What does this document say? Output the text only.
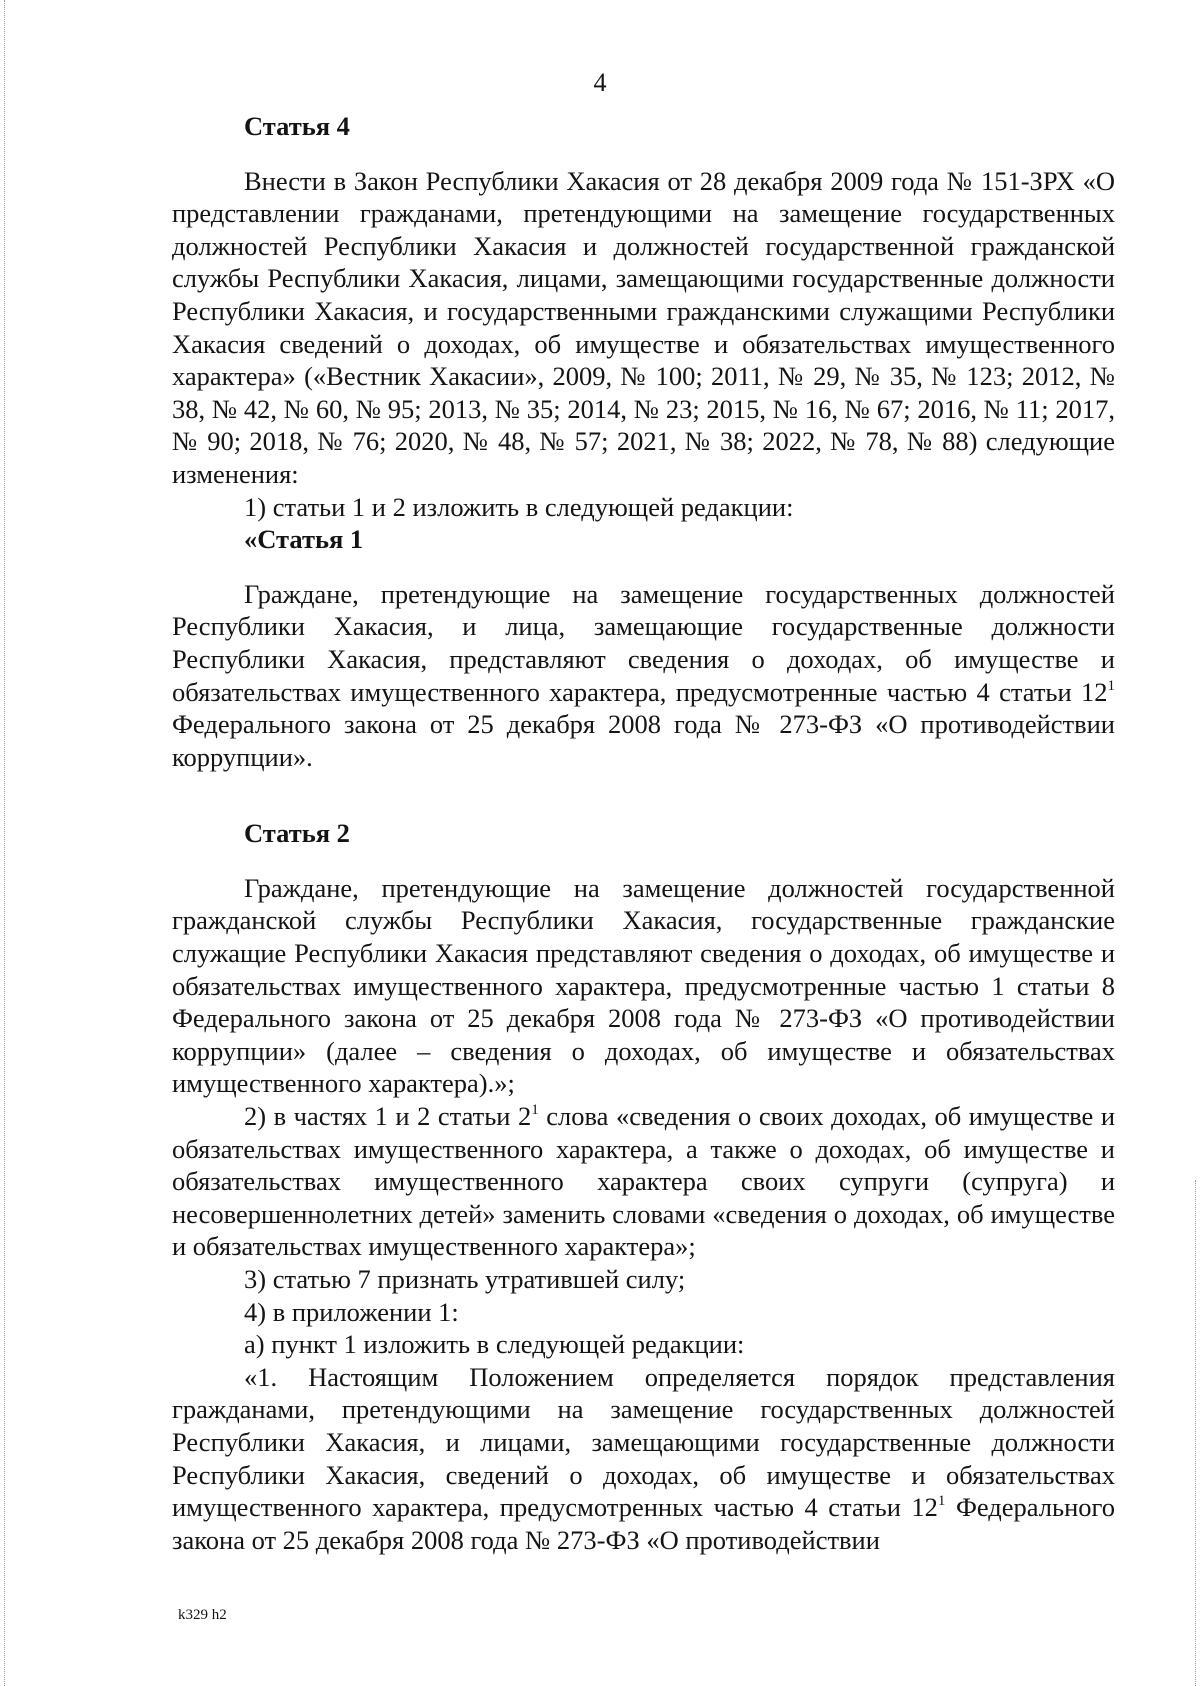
4

Статья 4

Внести в Закон Республики Хакасия от 28 декабря 2009 года № 151-ЗРХ «О представлении гражданами, претендующими на замещение государственных должностей Республики Хакасия и должностей государственной гражданской службы Республики Хакасия, лицами, замещающими государственные должности Республики Хакасия, и государственными гражданскими служащими Республики Хакасия сведений о доходах, об имуществе и обязательствах имущественного характера» («Вестник Хакасии», 2009, № 100; 2011, № 29, № 35, № 123; 2012, № 38, № 42, № 60, № 95; 2013, № 35; 2014, № 23; 2015, № 16, № 67; 2016, № 11; 2017, № 90; 2018, № 76; 2020, № 48, № 57; 2021, № 38; 2022, № 78, № 88) следующие изменения:

1) статьи 1 и 2 изложить в следующей редакции:

«Статья 1

Граждане, претендующие на замещение государственных должностей Республики Хакасия, и лица, замещающие государственные должности Республики Хакасия, представляют сведения о доходах, об имуществе и обязательствах имущественного характера, предусмотренные частью 4 статьи $12^1$ Федерального закона от 25 декабря 2008 года № 273-ФЗ «О противодействии коррупции».

Статья 2

Граждане, претендующие на замещение должностей государственной гражданской службы Республики Хакасия, государственные гражданские служащие Республики Хакасия представляют сведения о доходах, об имуществе и обязательствах имущественного характера, предусмотренные частью 1 статьи 8 Федерального закона от 25 декабря 2008 года № 273-ФЗ «О противодействии коррупции» (далее – сведения о доходах, об имуществе и обязательствах имущественного характера).»;

2) в частях 1 и 2 статьи $2^1$ слова «сведения о своих доходах, об имуществе и обязательствах имущественного характера, а также о доходах, об имуществе и обязательствах имущественного характера своих супруги (супруга) и несовершеннолетних детей» заменить словами «сведения о доходах, об имуществе и обязательствах имущественного характера»;

3) статью 7 признать утратившей силу;

4) в приложении 1:

а) пункт 1 изложить в следующей редакции:

«1. Настоящим Положением определяется порядок представления гражданами, претендующими на замещение государственных должностей Республики Хакасия, и лицами, замещающими государственные должности Республики Хакасия, сведений о доходах, об имуществе и обязательствах имущественного характера, предусмотренных частью 4 статьи $12^1$ Федерального закона от 25 декабря 2008 года № 273-ФЗ «О противодействии

k329 h2
